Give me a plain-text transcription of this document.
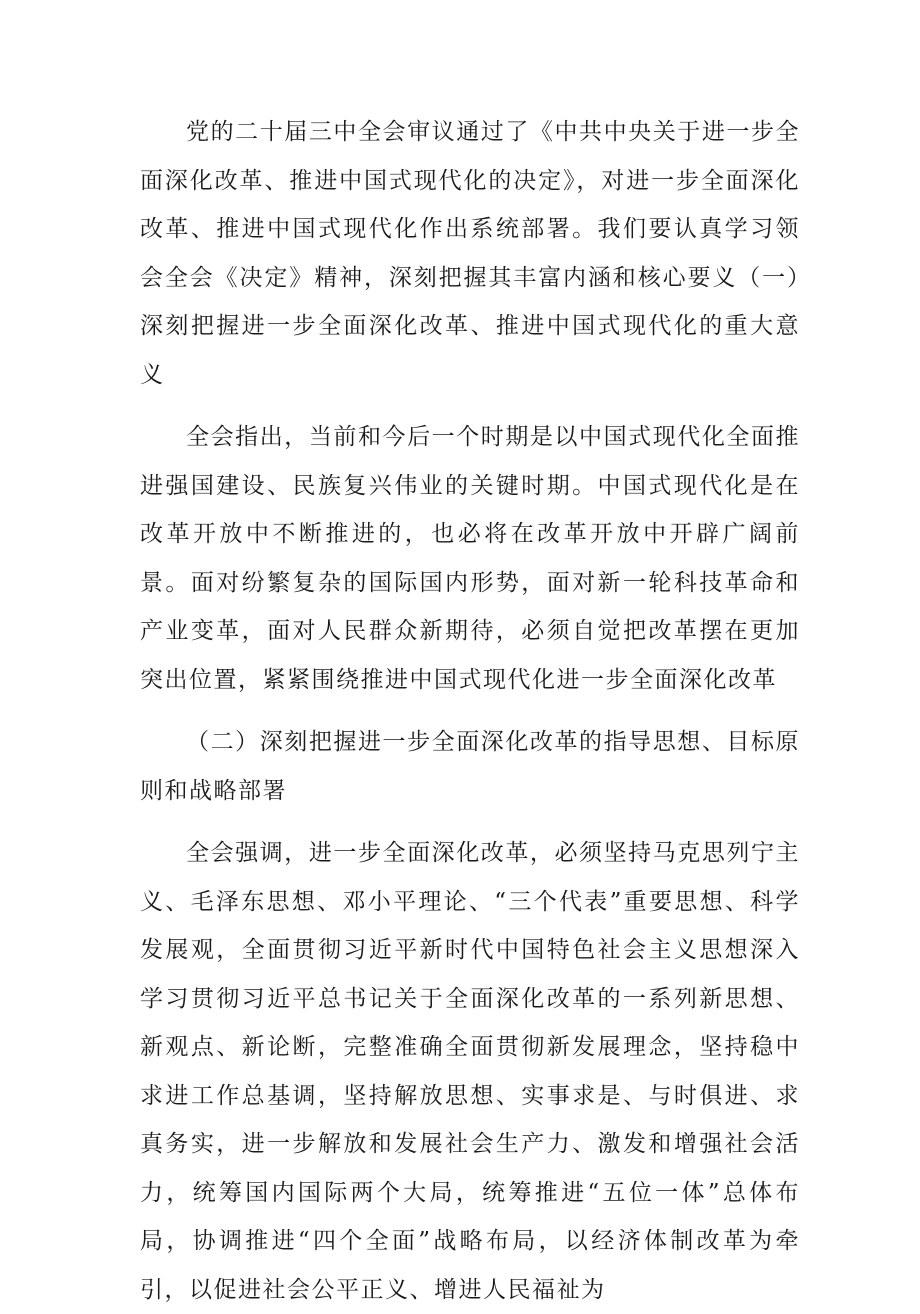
党的二十届三中全会审议通过了《中共中央关于进一步全面深化改革、推进中国式现代化的决定》，对进一步全面深化改革、推进中国式现代化作出系统部署。我们要认真学习领会全会《决定》精神，深刻把握其丰富内涵和核心要义（一）深刻把握进一步全面深化改革、推进中国式现代化的重大意义

全会指出，当前和今后一个时期是以中国式现代化全面推进强国建设、民族复兴伟业的关键时期。中国式现代化是在改革开放中不断推进的，也必将在改革开放中开辟广阔前景。面对纷繁复杂的国际国内形势，面对新一轮科技革命和产业变革，面对人民群众新期待，必须自觉把改革摆在更加突出位置，紧紧围绕推进中国式现代化进一步全面深化改革

（二）深刻把握进一步全面深化改革的指导思想、目标原则和战略部署

全会强调，进一步全面深化改革，必须坚持马克思列宁主义、毛泽东思想、邓小平理论、“三个代表”重要思想、科学发展观，全面贯彻习近平新时代中国特色社会主义思想深入学习贯彻习近平总书记关于全面深化改革的一系列新思想、新观点、新论断，完整准确全面贯彻新发展理念，坚持稳中求进工作总基调，坚持解放思想、实事求是、与时俱进、求真务实，进一步解放和发展社会生产力、激发和增强社会活力，统筹国内国际两个大局，统筹推进“五位一体”总体布局，协调推进“四个全面”战略布局，以经济体制改革为牵引，以促进社会公平正义、增进人民福祉为
